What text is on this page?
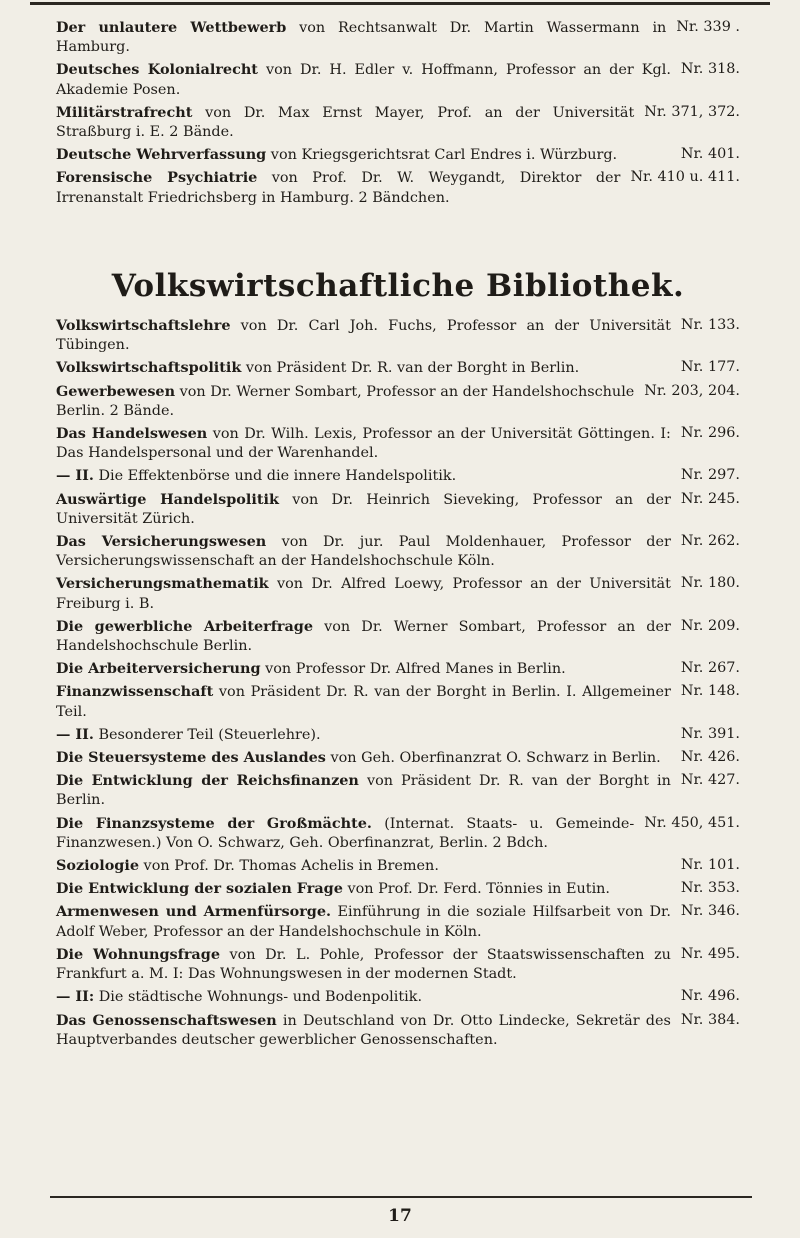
Nr. 339 .
Der unlautere Wettbewerb von Rechtsanwalt Dr. Martin Wassermann in Hamburg.
Nr. 318.
Deutsches Kolonialrecht von Dr. H. Edler v. Hoffmann, Professor an der Kgl. Akademie Posen.
Nr. 371, 372.
Militärstrafrecht von Dr. Max Ernst Mayer, Prof. an der Universität Straßburg i. E. 2 Bände.
Nr. 401.
Deutsche Wehrverfassung von Kriegsgerichtsrat Carl Endres i. Würzburg.
Nr. 410 u. 411.
Forensische Psychiatrie von Prof. Dr. W. Weygandt, Direktor der Irrenanstalt Friedrichsberg in Hamburg. 2 Bändchen.
Volkswirtschaftliche Bibliothek.
Nr. 133.
Volkswirtschaftslehre von Dr. Carl Joh. Fuchs, Professor an der Universität Tübingen.
Nr. 177.
Volkswirtschaftspolitik von Präsident Dr. R. van der Borght in Berlin.
Nr. 203, 204.
Gewerbewesen von Dr. Werner Sombart, Professor an der Handelshochschule Berlin. 2 Bände.
Nr. 296.
Das Handelswesen von Dr. Wilh. Lexis, Professor an der Universität Göttingen. I: Das Handelspersonal und der Warenhandel.
Nr. 297.
— II. Die Effektenbörse und die innere Handelspolitik.
Nr. 245.
Auswärtige Handelspolitik von Dr. Heinrich Sieveking, Professor an der Universität Zürich.
Nr. 262.
Das Versicherungswesen von Dr. jur. Paul Moldenhauer, Professor der Versicherungswissenschaft an der Handelshochschule Köln.
Nr. 180.
Versicherungsmathematik von Dr. Alfred Loewy, Professor an der Universität Freiburg i. B.
Nr. 209.
Die gewerbliche Arbeiterfrage von Dr. Werner Sombart, Professor an der Handelshochschule Berlin.
Nr. 267.
Die Arbeiterversicherung von Professor Dr. Alfred Manes in Berlin.
Nr. 148.
Finanzwissenschaft von Präsident Dr. R. van der Borght in Berlin. I. Allgemeiner Teil.
Nr. 391.
— II. Besonderer Teil (Steuerlehre).
Nr. 426.
Die Steuersysteme des Auslandes von Geh. Oberfinanzrat O. Schwarz in Berlin.
Nr. 427.
Die Entwicklung der Reichsfinanzen von Präsident Dr. R. van der Borght in Berlin.
Nr. 450, 451.
Die Finanzsysteme der Großmächte. (Internat. Staats- u. Gemeinde-Finanzwesen.) Von O. Schwarz, Geh. Oberfinanzrat, Berlin. 2 Bdch.
Nr. 101.
Soziologie von Prof. Dr. Thomas Achelis in Bremen.
Nr. 353.
Die Entwicklung der sozialen Frage von Prof. Dr. Ferd. Tönnies in Eutin.
Nr. 346.
Armenwesen und Armenfürsorge. Einführung in die soziale Hilfsarbeit von Dr. Adolf Weber, Professor an der Handelshochschule in Köln.
Nr. 495.
Die Wohnungsfrage von Dr. L. Pohle, Professor der Staatswissenschaften zu Frankfurt a. M. I: Das Wohnungswesen in der modernen Stadt.
Nr. 496.
— II: Die städtische Wohnungs- und Bodenpolitik.
Nr. 384.
Das Genossenschaftswesen in Deutschland von Dr. Otto Lindecke, Sekretär des Hauptverbandes deutscher gewerblicher Genossenschaften.
17
